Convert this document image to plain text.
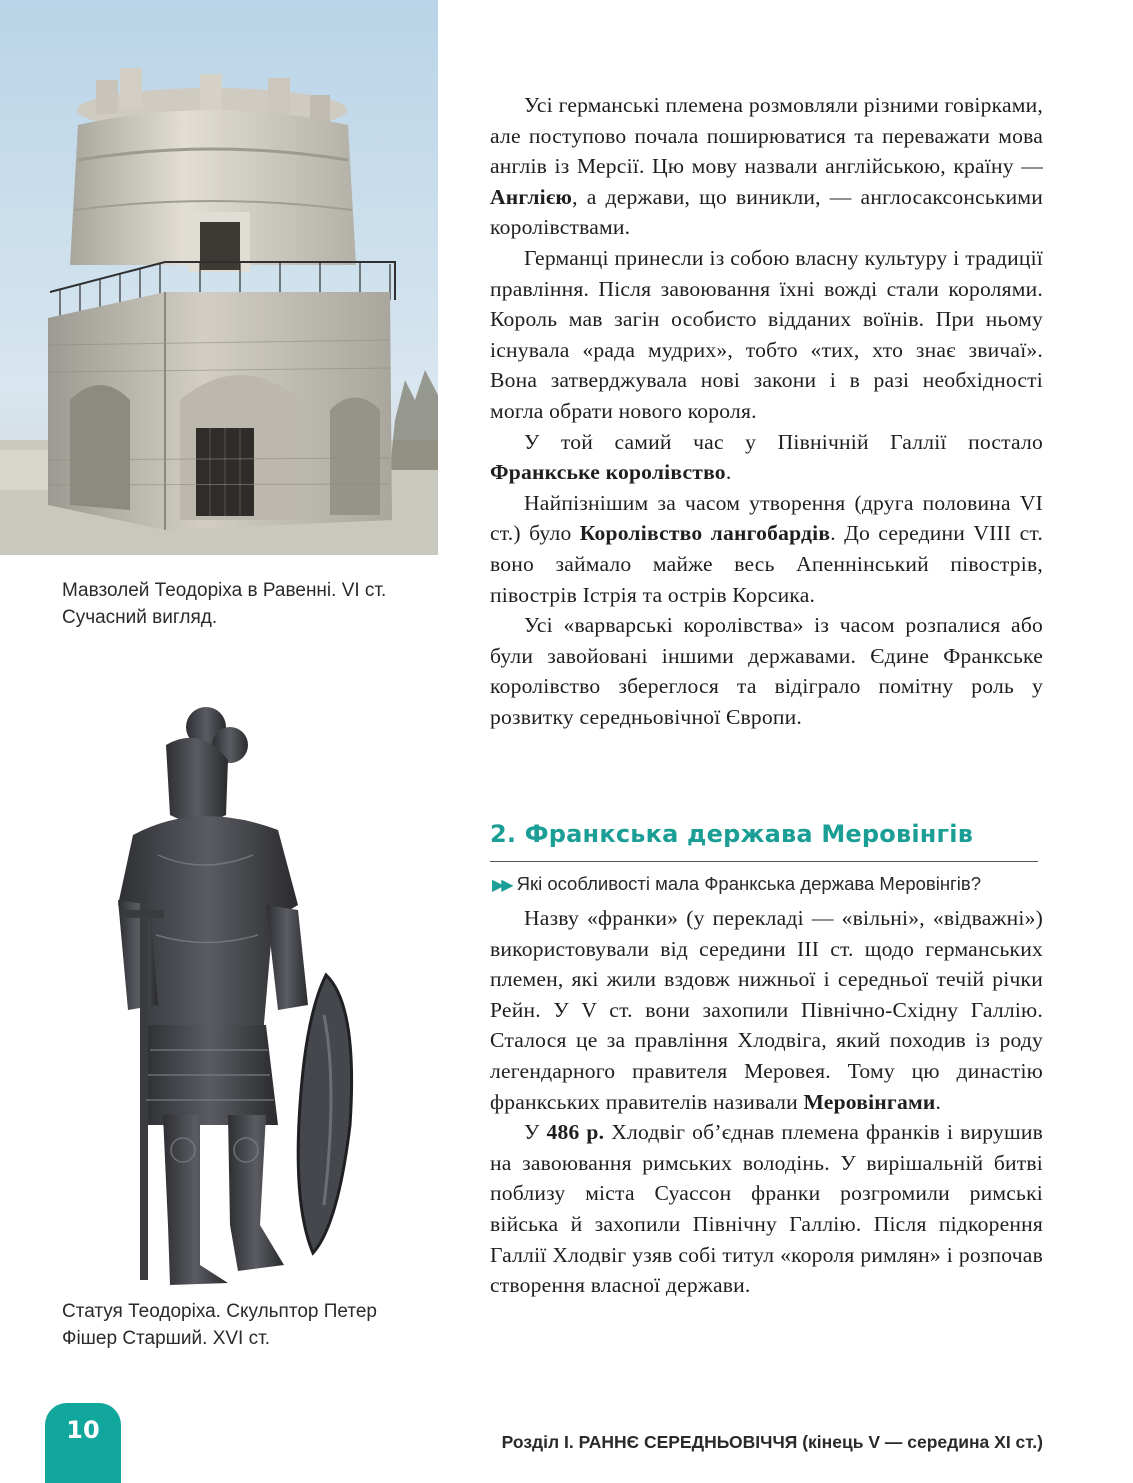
Мавзолей Теодоріха в Равенні. VI ст.
Сучасний вигляд.
Статуя Теодоріха. Скульптор Петер
Фішер Старший. XVI ст.

Усі германські племена розмовляли різними говірками, але поступово почала поширюватися та переважати мова англів із Мерсії. Цю мову назвали англійською, країну — Англією, а держави, що виникли, — англосаксонськими королівствами.

Германці принесли із собою власну культуру і традиції правління. Після завоювання їхні вожді стали королями. Король мав загін особисто відданих воїнів. При ньому існувала «рада мудрих», тобто «тих, хто знає звичаї». Вона затверджувала нові закони і в разі необхідності могла обрати нового короля.

У той самий час у Північній Галлії постало Франкське королівство.

Найпізнішим за часом утворення (друга половина VI ст.) було Королівство лангобардів. До середини VIII ст. воно займало майже весь Апеннінський півострів, півострів Істрія та острів Корсика.

Усі «варварські королівства» із часом розпалися або були завойовані іншими державами. Єдине Франкське королівство збереглося та відіграло помітну роль у розвитку середньовічної Європи.

2. Франкська держава Меровінгів
▶▶ Які особливості мала Франкська держава Меровінгів?

Назву «франки» (у перекладі — «вільні», «відважні») використовували від середини III ст. щодо германських племен, які жили вздовж нижньої і середньої течій річки Рейн. У V ст. вони захопили Північно-Східну Галлію. Сталося це за правління Хлодвіга, який походив із роду легендарного правителя Меровея. Тому цю династію франкських правителів називали Меровінгами.

У 486 р. Хлодвіг об’єднав племена франків і вирушив на завоювання римських володінь. У вирішальній битві поблизу міста Суассон франки розгромили римські війська й захопили Північну Галлію. Після підкорення Галлії Хлодвіг узяв собі титул «короля римлян» і розпочав створення власної держави.

10	Розділ І. РАННЄ СЕРЕДНЬОВІЧЧЯ (кінець V — середина XI ст.)
